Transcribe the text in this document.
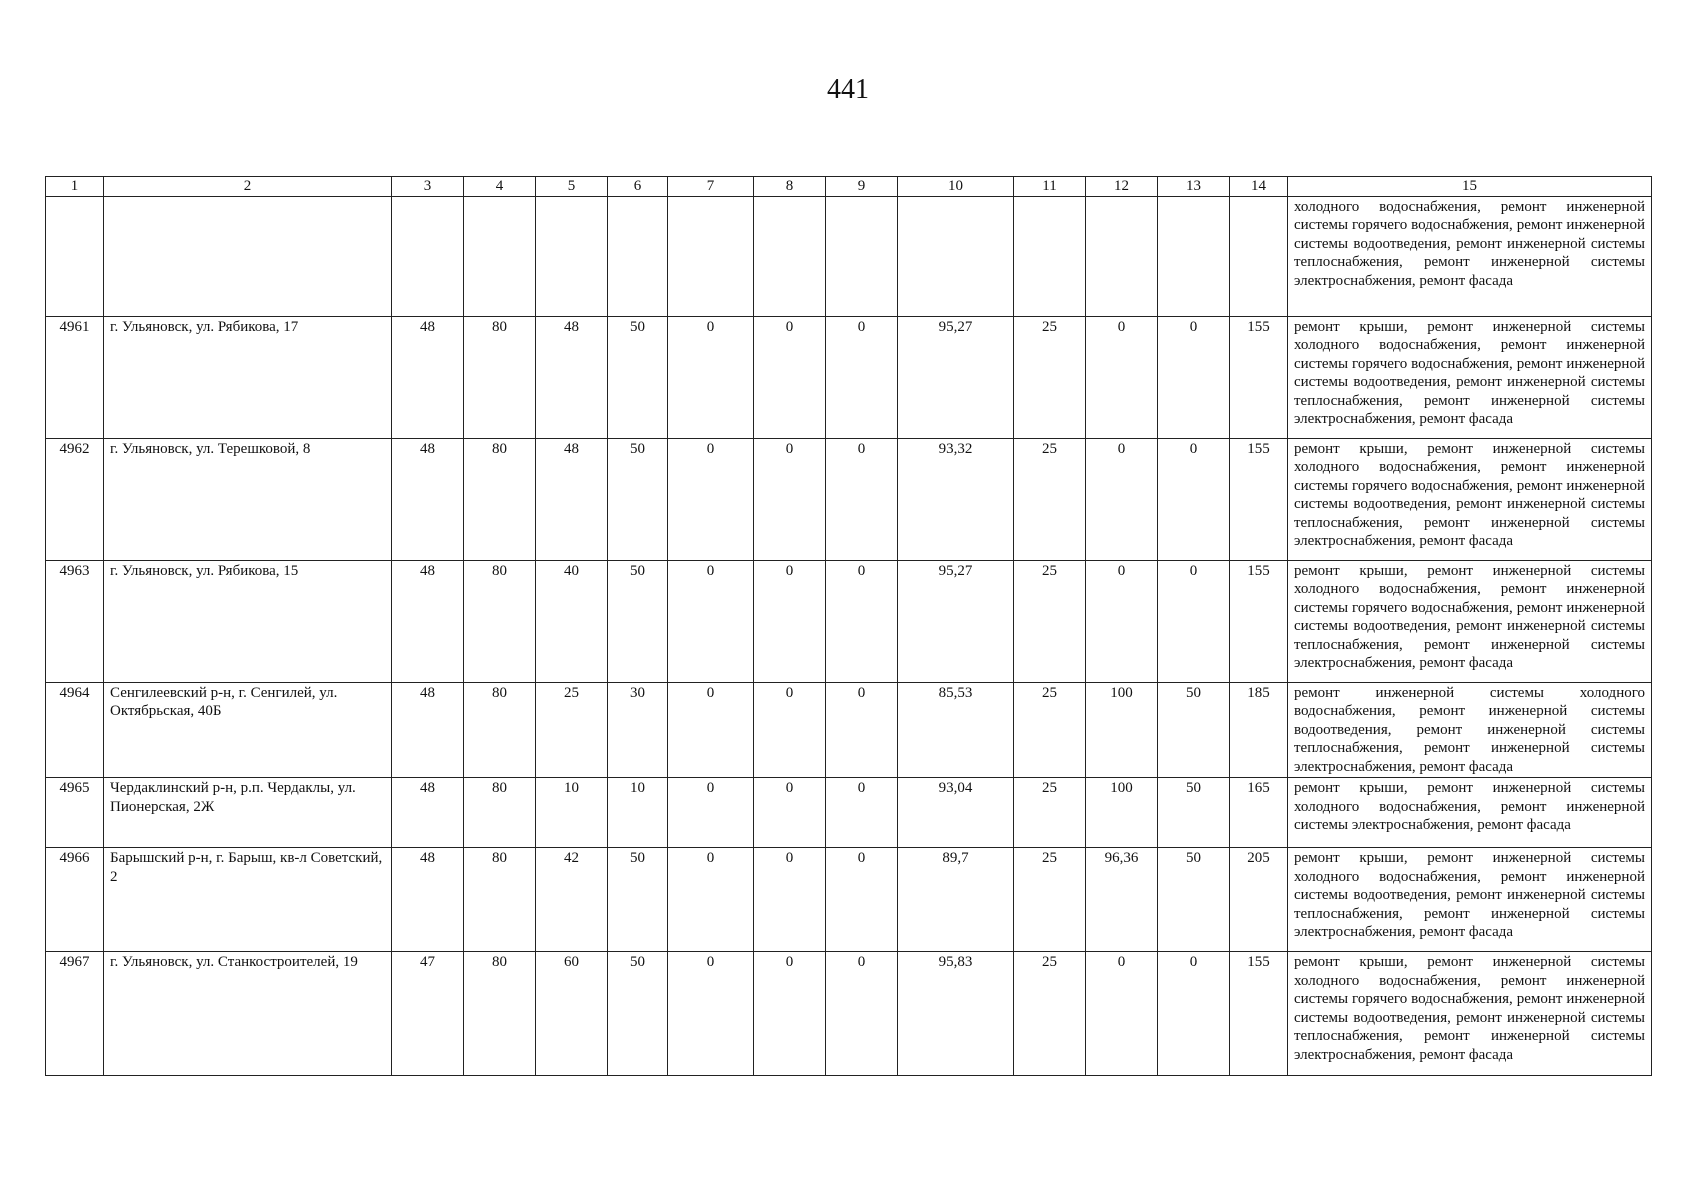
441
1	2	3	4	5	6	7	8	9	10	11	12	13	14	15
														холодного водоснабжения, ремонт инженерной системы горячего водоснабжения, ремонт инженерной системы водоотведения, ремонт инженерной системы теплоснабжения, ремонт инженерной системы электроснабжения, ремонт фасада
4961	г. Ульяновск, ул. Рябикова, 17	48	80	48	50	0	0	0	95,27	25	0	0	155	ремонт крыши, ремонт инженерной системы холодного водоснабжения, ремонт инженерной системы горячего водоснабжения, ремонт инженерной системы водоотведения, ремонт инженерной системы теплоснабжения, ремонт инженерной системы электроснабжения, ремонт фасада
4962	г. Ульяновск, ул. Терешковой, 8	48	80	48	50	0	0	0	93,32	25	0	0	155	ремонт крыши, ремонт инженерной системы холодного водоснабжения, ремонт инженерной системы горячего водоснабжения, ремонт инженерной системы водоотведения, ремонт инженерной системы теплоснабжения, ремонт инженерной системы электроснабжения, ремонт фасада
4963	г. Ульяновск, ул. Рябикова, 15	48	80	40	50	0	0	0	95,27	25	0	0	155	ремонт крыши, ремонт инженерной системы холодного водоснабжения, ремонт инженерной системы горячего водоснабжения, ремонт инженерной системы водоотведения, ремонт инженерной системы теплоснабжения, ремонт инженерной системы электроснабжения, ремонт фасада
4964	Сенгилеевский р-н, г. Сенгилей, ул. Октябрьская, 40Б	48	80	25	30	0	0	0	85,53	25	100	50	185	ремонт инженерной системы холодного водоснабжения, ремонт инженерной системы водоотведения, ремонт инженерной системы теплоснабжения, ремонт инженерной системы электроснабжения, ремонт фасада
4965	Чердаклинский р-н, р.п. Чердаклы, ул. Пионерская, 2Ж	48	80	10	10	0	0	0	93,04	25	100	50	165	ремонт крыши, ремонт инженерной системы холодного водоснабжения, ремонт инженерной системы электроснабжения, ремонт фасада
4966	Барышский р-н, г. Барыш, кв-л Советский, 2	48	80	42	50	0	0	0	89,7	25	96,36	50	205	ремонт крыши, ремонт инженерной системы холодного водоснабжения, ремонт инженерной системы водоотведения, ремонт инженерной системы теплоснабжения, ремонт инженерной системы электроснабжения, ремонт фасада
4967	г. Ульяновск, ул. Станкостроителей, 19	47	80	60	50	0	0	0	95,83	25	0	0	155	ремонт крыши, ремонт инженерной системы холодного водоснабжения, ремонт инженерной системы горячего водоснабжения, ремонт инженерной системы водоотведения, ремонт инженерной системы теплоснабжения, ремонт инженерной системы электроснабжения, ремонт фасада
